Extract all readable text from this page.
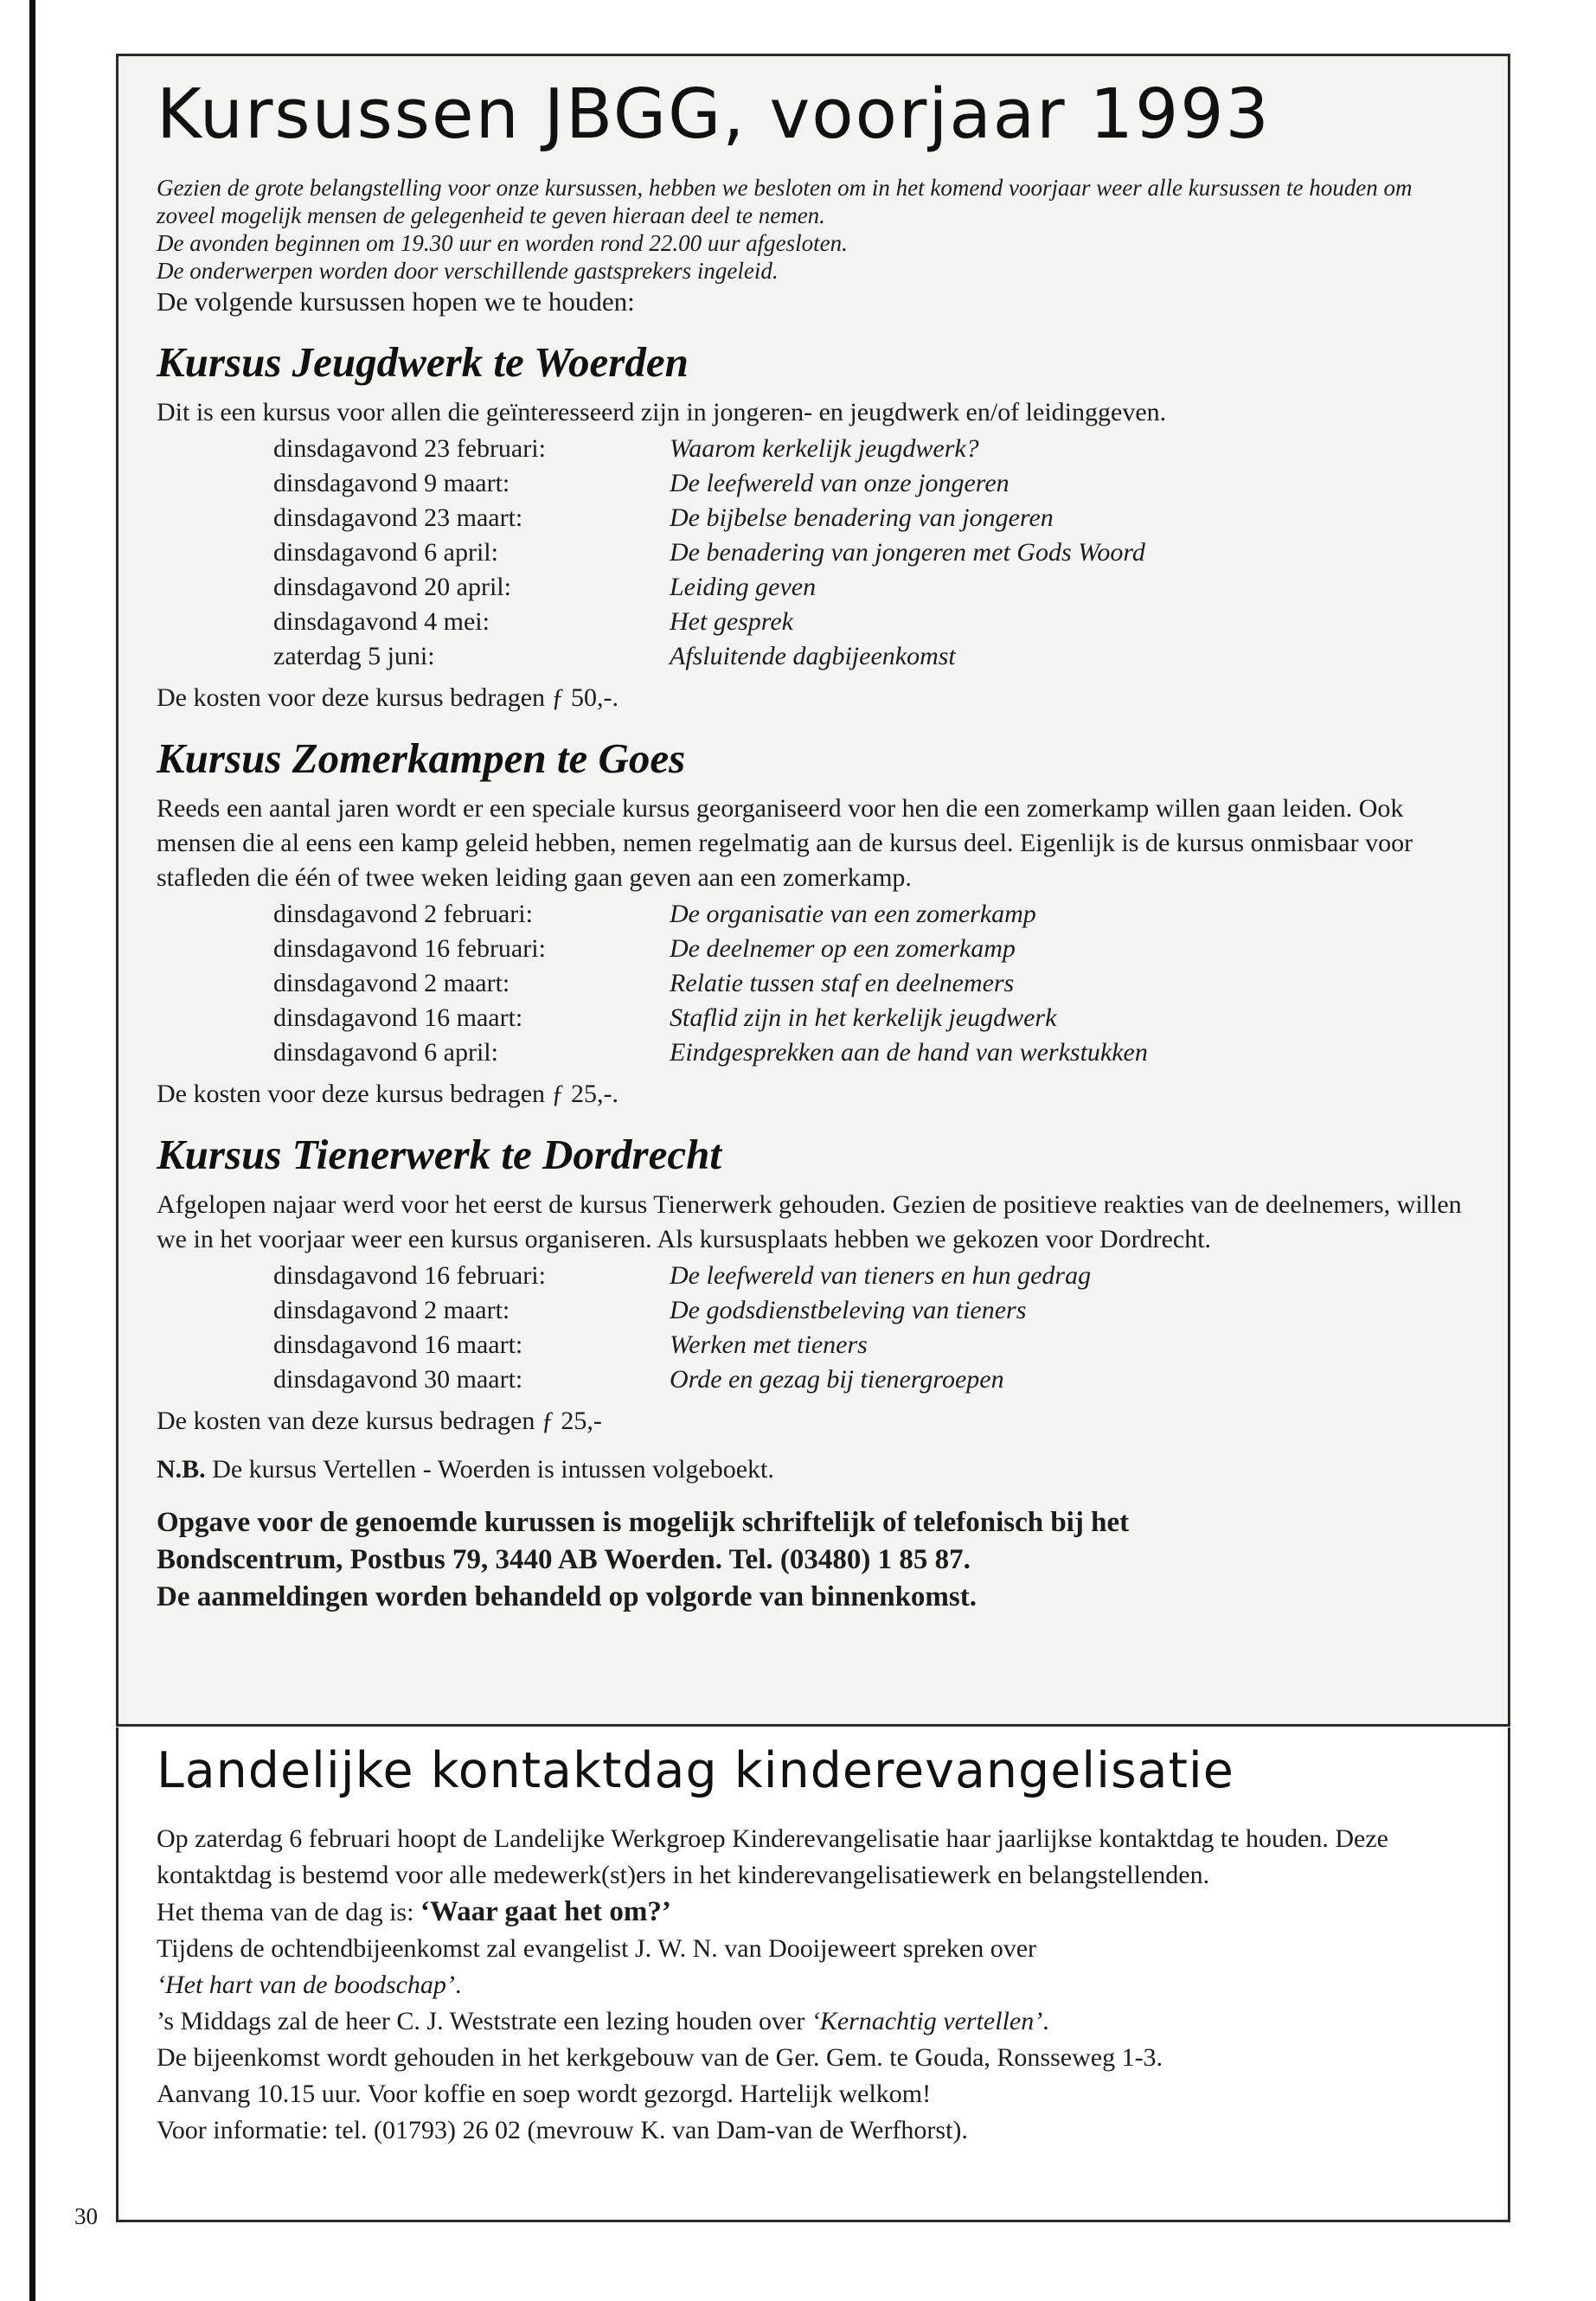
30
Kursussen JBGG, voorjaar 1993

Gezien de grote belangstelling voor onze kursussen, hebben we besloten om in het komend voorjaar weer alle kursussen te houden om zoveel mogelijk mensen de gelegenheid te geven hieraan deel te nemen.

De avonden beginnen om 19.30 uur en worden rond 22.00 uur afgesloten.

De onderwerpen worden door verschillende gastsprekers ingeleid.

De volgende kursussen hopen we te houden:

Kursus Jeugdwerk te Woerden

Dit is een kursus voor allen die geïnteresseerd zijn in jongeren- en jeugdwerk en/of leidinggeven.

dinsdagavond 23 februari:	Waarom kerkelijk jeugdwerk?
dinsdagavond 9 maart:	De leefwereld van onze jongeren
dinsdagavond 23 maart:	De bijbelse benadering van jongeren
dinsdagavond 6 april:	De benadering van jongeren met Gods Woord
dinsdagavond 20 april:	Leiding geven
dinsdagavond 4 mei:	Het gesprek
zaterdag 5 juni:	Afsluitende dagbijeenkomst

De kosten voor deze kursus bedragen ƒ 50,-.

Kursus Zomerkampen te Goes

Reeds een aantal jaren wordt er een speciale kursus georganiseerd voor hen die een zomerkamp willen gaan leiden. Ook mensen die al eens een kamp geleid hebben, nemen regelmatig aan de kursus deel. Eigenlijk is de kursus onmisbaar voor stafleden die één of twee weken leiding gaan geven aan een zomerkamp.

dinsdagavond 2 februari:	De organisatie van een zomerkamp
dinsdagavond 16 februari:	De deelnemer op een zomerkamp
dinsdagavond 2 maart:	Relatie tussen staf en deelnemers
dinsdagavond 16 maart:	Staflid zijn in het kerkelijk jeugdwerk
dinsdagavond 6 april:	Eindgesprekken aan de hand van werkstukken

De kosten voor deze kursus bedragen ƒ 25,-.

Kursus Tienerwerk te Dordrecht

Afgelopen najaar werd voor het eerst de kursus Tienerwerk gehouden. Gezien de positieve reakties van de deelnemers, willen we in het voorjaar weer een kursus organiseren. Als kursusplaats hebben we gekozen voor Dordrecht.

dinsdagavond 16 februari:	De leefwereld van tieners en hun gedrag
dinsdagavond 2 maart:	De godsdienstbeleving van tieners
dinsdagavond 16 maart:	Werken met tieners
dinsdagavond 30 maart:	Orde en gezag bij tienergroepen

De kosten van deze kursus bedragen ƒ 25,-

N.B. De kursus Vertellen - Woerden is intussen volgeboekt.

Opgave voor de genoemde kurussen is mogelijk schriftelijk of telefonisch bij het
Bondscentrum, Postbus 79, 3440 AB Woerden. Tel. (03480) 1 85 87.
De aanmeldingen worden behandeld op volgorde van binnenkomst.
Landelijke kontaktdag kinderevangelisatie

Op zaterdag 6 februari hoopt de Landelijke Werkgroep Kinderevangelisatie haar jaarlijkse kontaktdag te houden. Deze kontaktdag is bestemd voor alle medewerk(st)ers in het kinderevangelisatiewerk en belangstellenden.

Het thema van de dag is: ‘Waar gaat het om?’

Tijdens de ochtendbijeenkomst zal evangelist J. W. N. van Dooijeweert spreken over
‘Het hart van de boodschap’.

’s Middags zal de heer C. J. Weststrate een lezing houden over ‘Kernachtig vertellen’.

De bijeenkomst wordt gehouden in het kerkgebouw van de Ger. Gem. te Gouda, Ronsseweg 1-3.

Aanvang 10.15 uur. Voor koffie en soep wordt gezorgd. Hartelijk welkom!

Voor informatie: tel. (01793) 26 02 (mevrouw K. van Dam-van de Werfhorst).
